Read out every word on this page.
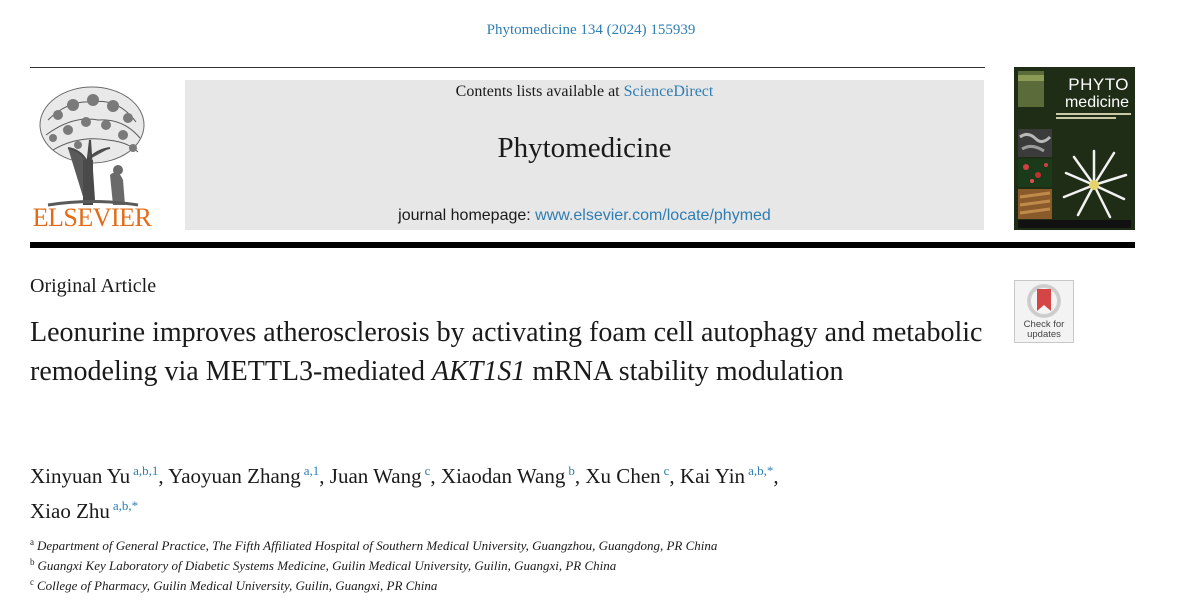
Phytomedicine 134 (2024) 155939
ELSEVIER
Contents lists available at ScienceDirect
Phytomedicine
journal homepage: www.elsevier.com/locate/phymed
PHYTO
medicine
Original Article
Check for
updates
Leonurine improves atherosclerosis by activating foam cell autophagy and metabolic remodeling via METTL3-mediated AKT1S1 mRNA stability modulation
Xinyuan Yu $^{a,b,1}$, Yaoyuan Zhang $^{a,1}$, Juan Wang $^c$, Xiaodan Wang $^b$, Xu Chen $^c$, Kai Yin $^{a,b,*}$,
Xiao Zhu $^{a,b,*}$
$^a$ Department of General Practice, The Fifth Affiliated Hospital of Southern Medical University, Guangzhou, Guangdong, PR China
$^b$ Guangxi Key Laboratory of Diabetic Systems Medicine, Guilin Medical University, Guilin, Guangxi, PR China
$^c$ College of Pharmacy, Guilin Medical University, Guilin, Guangxi, PR China
